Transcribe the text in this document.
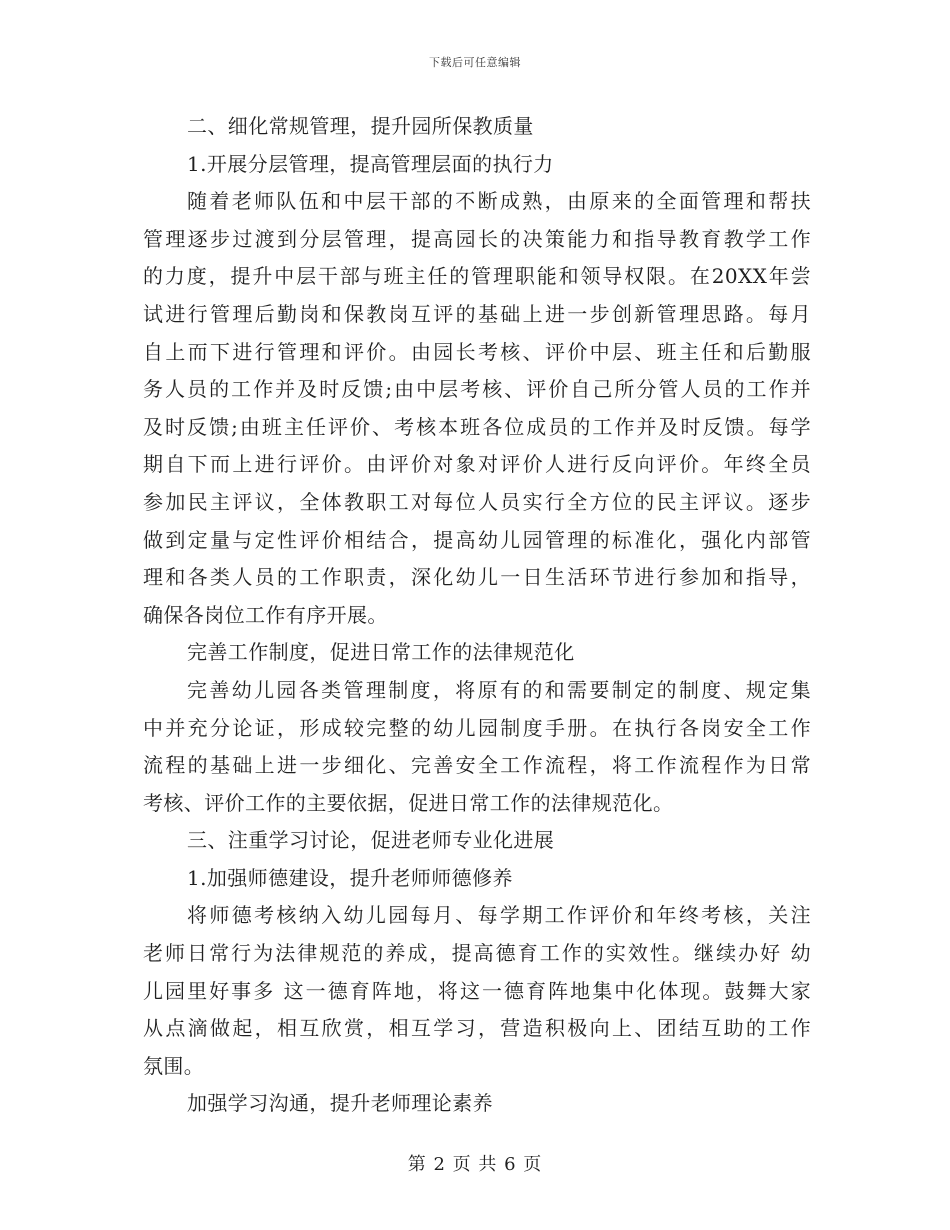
下载后可任意编辑
二、细化常规管理，提升园所保教质量
1.开展分层管理，提高管理层面的执行力
随着老师队伍和中层干部的不断成熟，由原来的全面管理和帮扶
管理逐步过渡到分层管理，提高园长的决策能力和指导教育教学工作
的力度，提升中层干部与班主任的管理职能和领导权限。在20XX年尝
试进行管理后勤岗和保教岗互评的基础上进一步创新管理思路。每月
自上而下进行管理和评价。由园长考核、评价中层、班主任和后勤服
务人员的工作并及时反馈;由中层考核、评价自己所分管人员的工作并
及时反馈;由班主任评价、考核本班各位成员的工作并及时反馈。每学
期自下而上进行评价。由评价对象对评价人进行反向评价。年终全员
参加民主评议，全体教职工对每位人员实行全方位的民主评议。逐步
做到定量与定性评价相结合，提高幼儿园管理的标准化，强化内部管
理和各类人员的工作职责，深化幼儿一日生活环节进行参加和指导，
确保各岗位工作有序开展。
完善工作制度，促进日常工作的法律规范化
完善幼儿园各类管理制度，将原有的和需要制定的制度、规定集
中并充分论证，形成较完整的幼儿园制度手册。在执行各岗安全工作
流程的基础上进一步细化、完善安全工作流程，将工作流程作为日常
考核、评价工作的主要依据，促进日常工作的法律规范化。
三、注重学习讨论，促进老师专业化进展
1.加强师德建设，提升老师师德修养
将师德考核纳入幼儿园每月、每学期工作评价和年终考核，关注
老师日常行为法律规范的养成，提高德育工作的实效性。继续办好 幼
儿园里好事多 这一德育阵地，将这一德育阵地集中化体现。鼓舞大家
从点滴做起，相互欣赏，相互学习，营造积极向上、团结互助的工作
氛围。
加强学习沟通，提升老师理论素养
第 2 页 共 6 页
